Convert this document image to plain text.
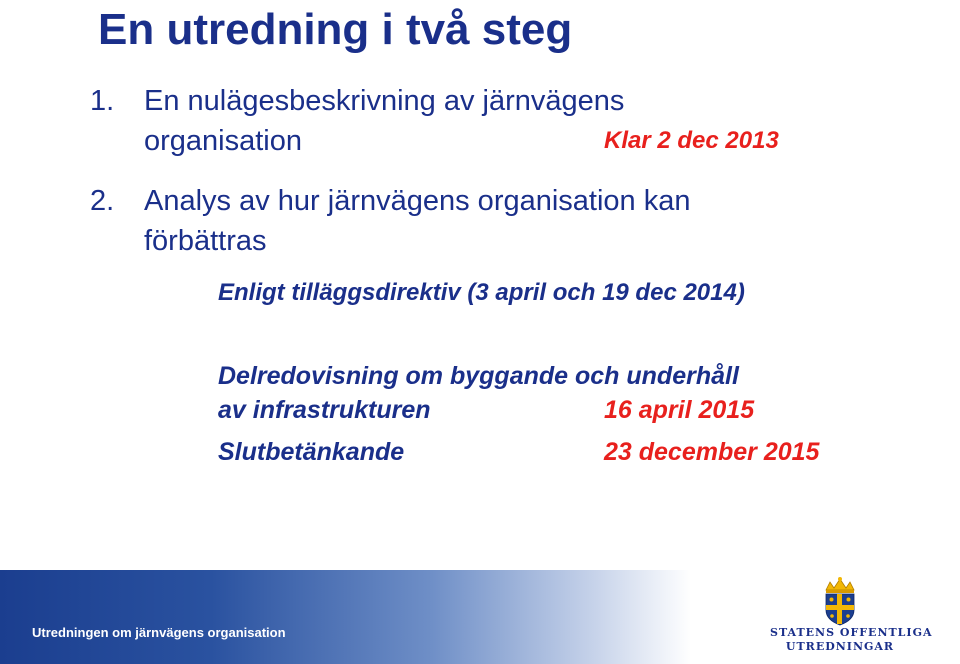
En utredning i två steg
1. En nulägesbeskrivning av järnvägens
organisation	Klar 2 dec 2013
2. Analys av hur järnvägens organisation kan
förbättras
Enligt tilläggsdirektiv (3 april och 19 dec 2014)
Delredovisning om byggande och underhåll
av infrastrukturen	16 april 2015
Slutbetänkande	23 december 2015
Utredningen om järnvägens organisation	STATENS OFFENTLIGA
UTREDNINGAR
